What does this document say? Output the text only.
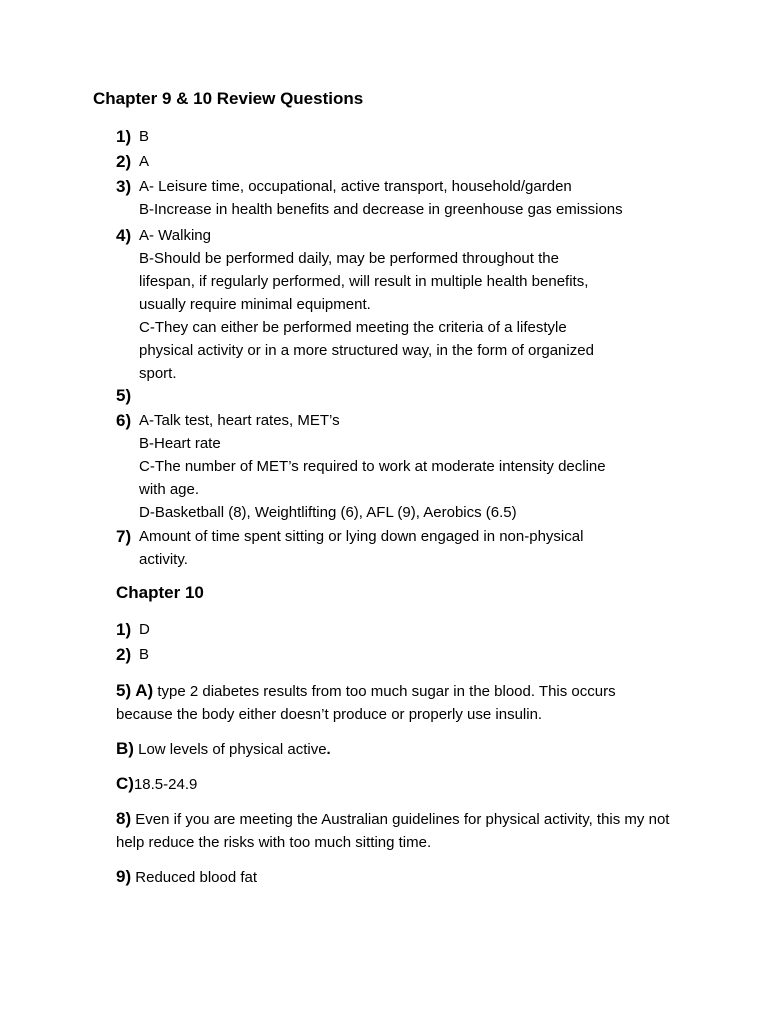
Chapter 9 & 10 Review Questions
1) B
2) A
3) A- Leisure time, occupational, active transport, household/garden
B-Increase in health benefits and decrease in greenhouse gas emissions
4) A- Walking
B-Should be performed daily, may be performed throughout the
lifespan, if regularly performed, will result in multiple health benefits,
usually require minimal equipment.
C-They can either be performed meeting the criteria of a lifestyle
physical activity or in a more structured way, in the form of organized
sport.
5)
6) A-Talk test, heart rates, MET’s
B-Heart rate
C-The number of MET’s required to work at moderate intensity decline
with age.
D-Basketball (8), Weightlifting (6), AFL (9), Aerobics (6.5)
7) Amount of time spent sitting or lying down engaged in non-physical
activity.
Chapter 10
1) D
2) B

5) A) type 2 diabetes results from too much sugar in the blood. This occurs because the body either doesn’t produce or properly use insulin.

B) Low levels of physical active.

C)18.5-24.9

8) Even if you are meeting the Australian guidelines for physical activity, this my not help reduce the risks with too much sitting time.

9) Reduced blood fat
